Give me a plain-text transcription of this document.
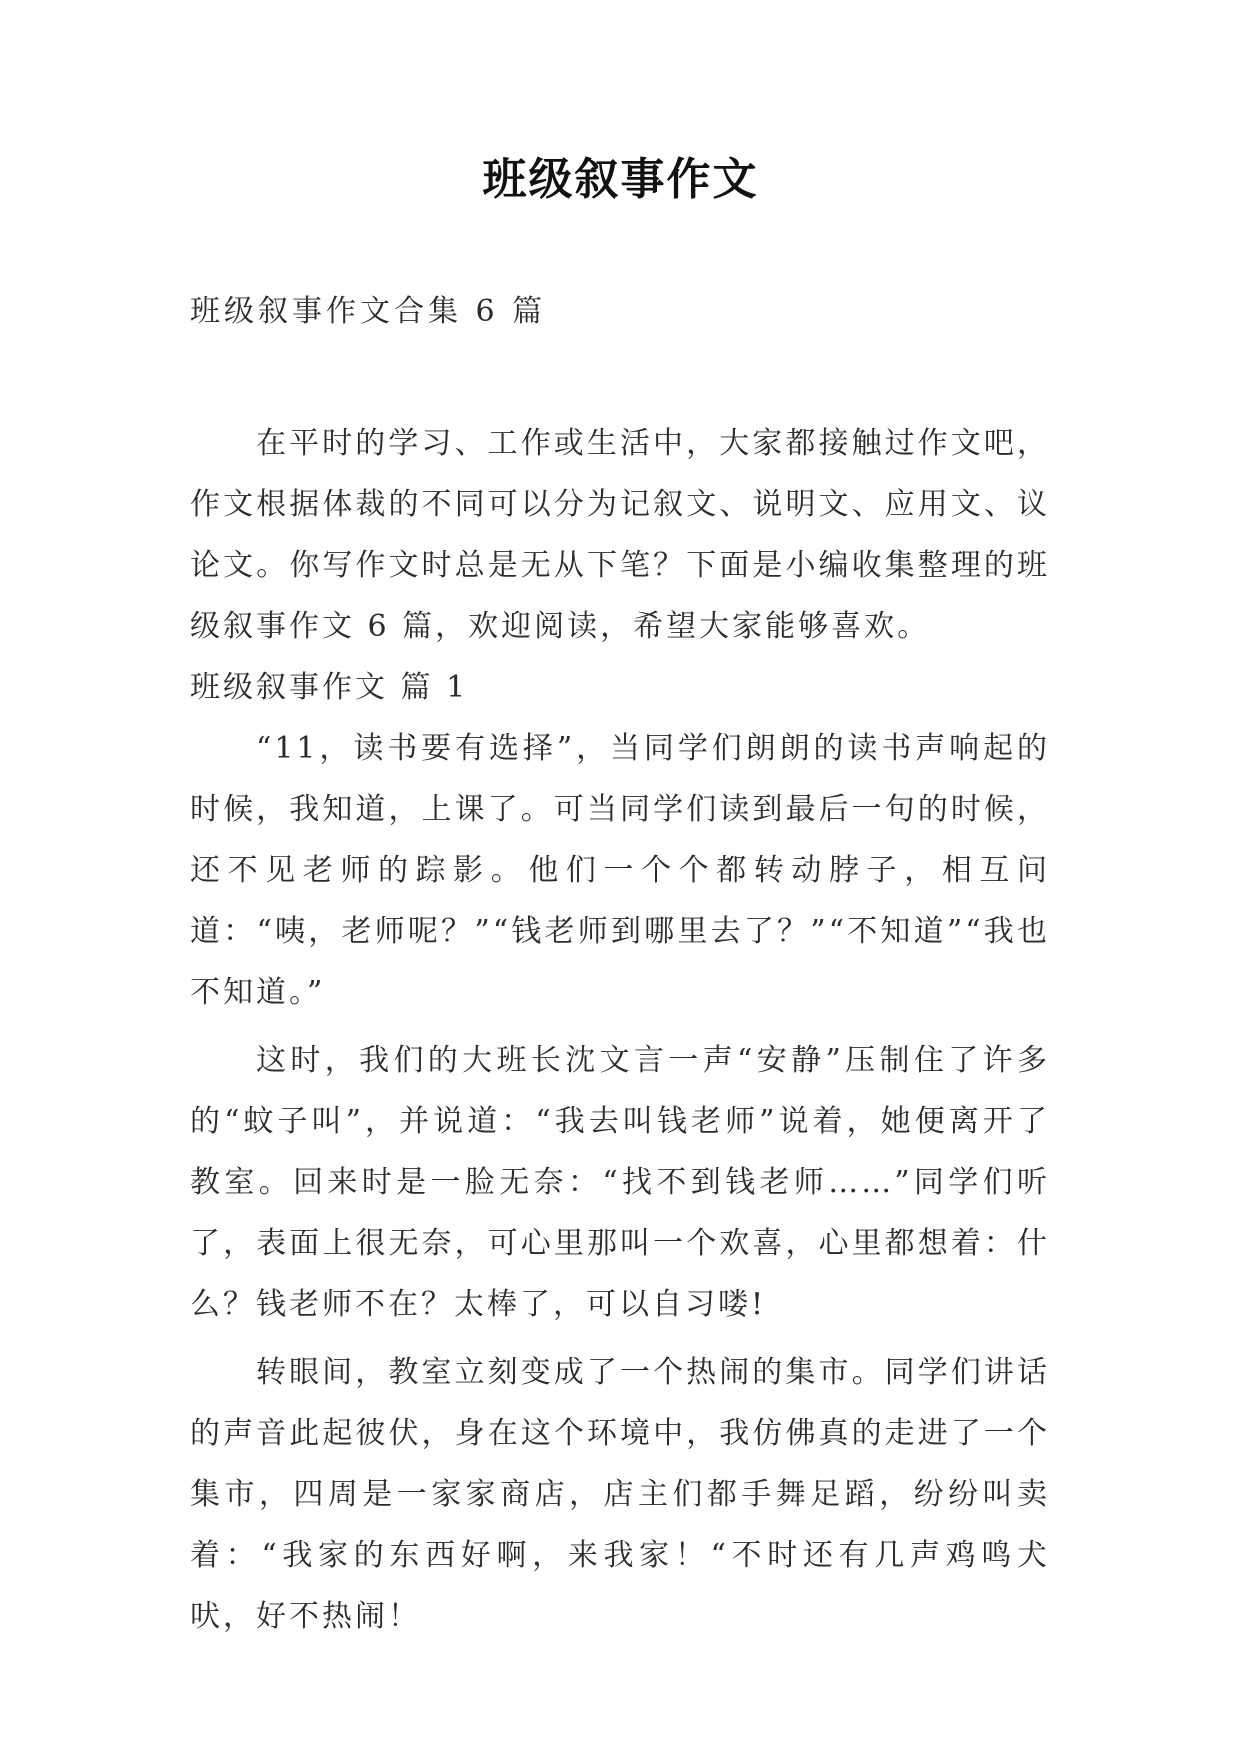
班级叙事作文

班级叙事作文合集 6 篇

在平时的学习、工作或生活中，大家都接触过作文吧，作文根据体裁的不同可以分为记叙文、说明文、应用文、议论文。你写作文时总是无从下笔？下面是小编收集整理的班级叙事作文 6 篇，欢迎阅读，希望大家能够喜欢。

班级叙事作文 篇 1

“11，读书要有选择”，当同学们朗朗的读书声响起的时候，我知道，上课了。可当同学们读到最后一句的时候，还不见老师的踪影。他们一个个都转动脖子，相互问道：“咦，老师呢？”“钱老师到哪里去了？”“不知道”“我也不知道。”

这时，我们的大班长沈文言一声“安静”压制住了许多的“蚊子叫”，并说道：“我去叫钱老师”说着，她便离开了教室。回来时是一脸无奈：“找不到钱老师……”同学们听了，表面上很无奈，可心里那叫一个欢喜，心里都想着：什么？钱老师不在？太棒了，可以自习喽!

转眼间，教室立刻变成了一个热闹的集市。同学们讲话的声音此起彼伏，身在这个环境中，我仿佛真的走进了一个集市，四周是一家家商店，店主们都手舞足蹈，纷纷叫卖着：“我家的东西好啊，来我家！“不时还有几声鸡鸣犬吠，好不热闹！
